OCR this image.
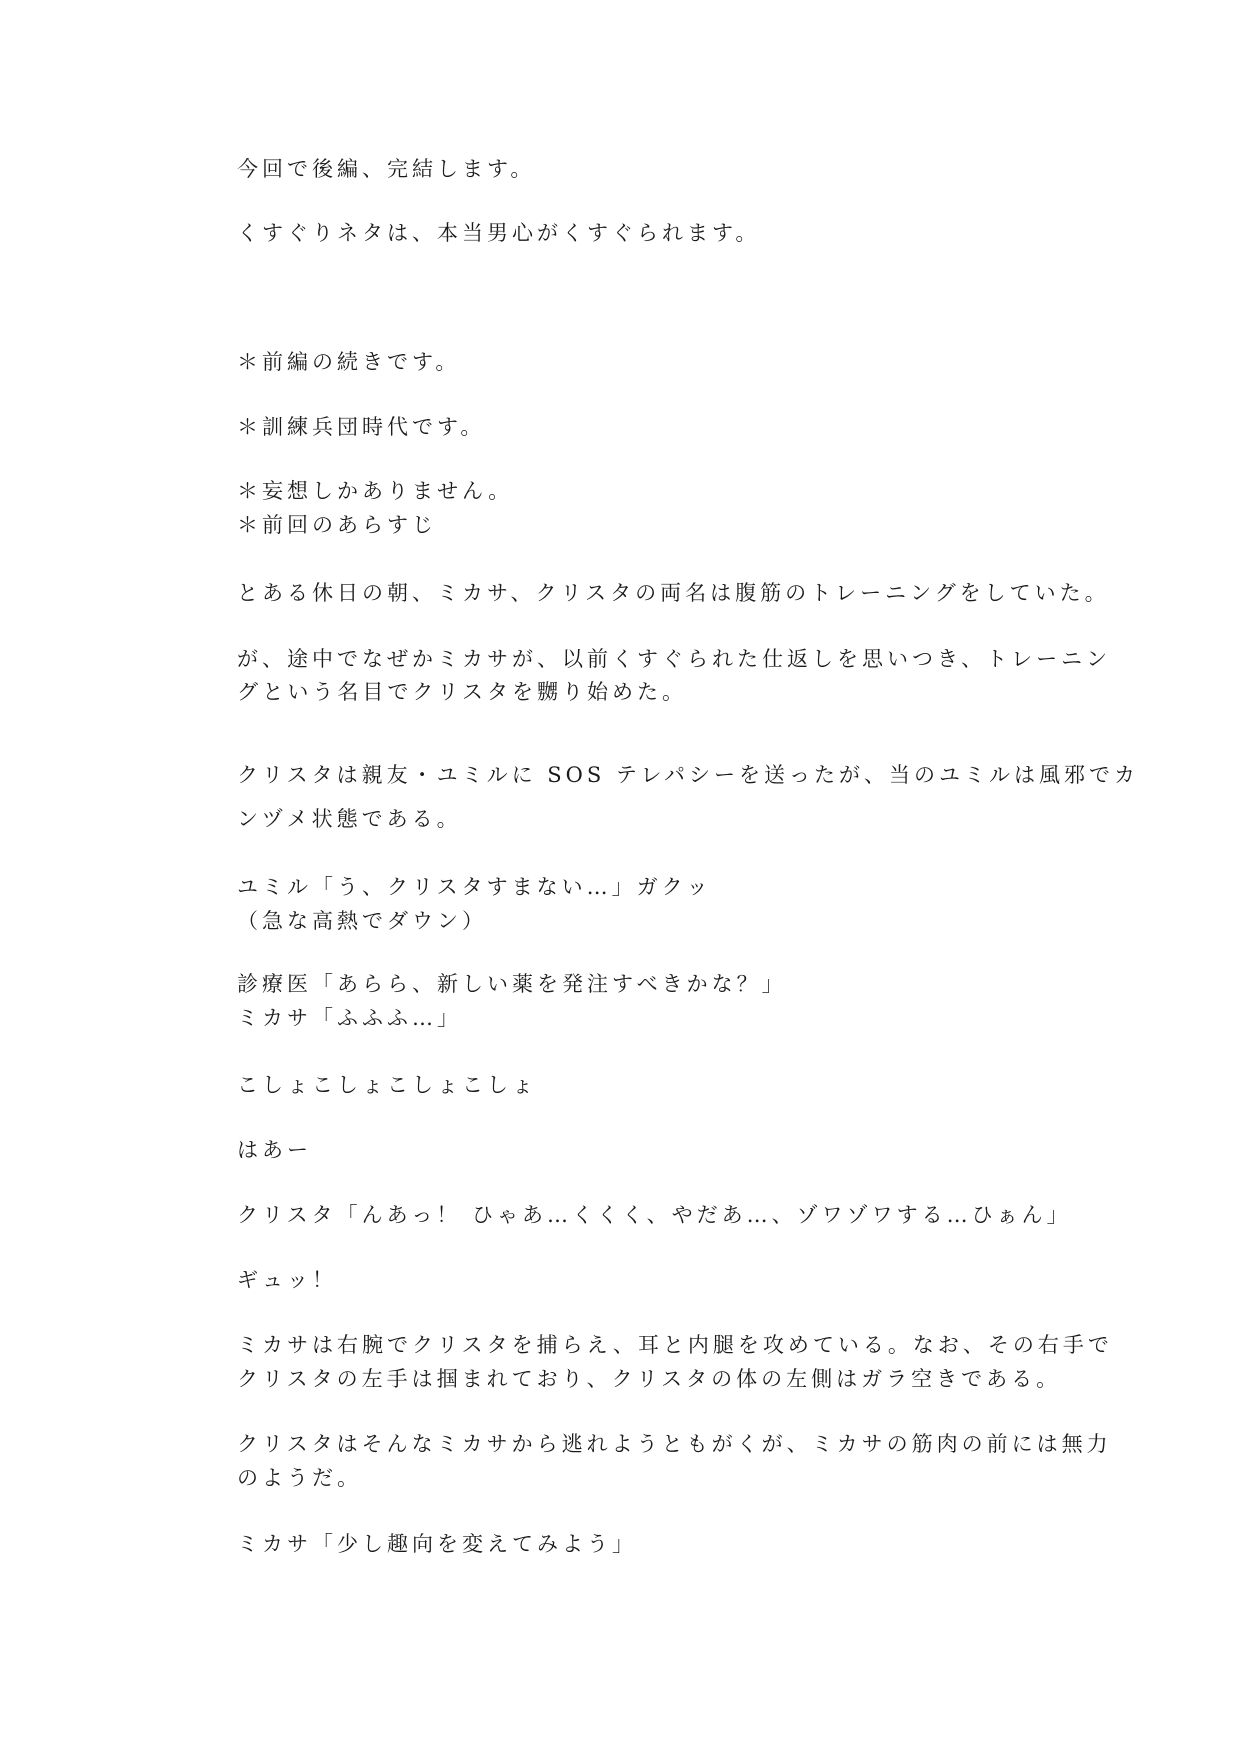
今回で後編、完結します。

くすぐりネタは、本当男心がくすぐられます。

＊前編の続きです。

＊訓練兵団時代です。

＊妄想しかありません。

＊前回のあらすじ

とある休日の朝、ミカサ、クリスタの両名は腹筋のトレーニングをしていた。

が、途中でなぜかミカサが、以前くすぐられた仕返しを思いつき、トレーニン

グという名目でクリスタを嬲り始めた。

クリスタは親友・ユミルに SOS テレパシーを送ったが、当のユミルは風邪でカ

ンヅメ状態である。

ユミル「う、クリスタすまない…」ガクッ

（急な高熱でダウン）

診療医「あらら、新しい薬を発注すべきかな？」

ミカサ「ふふふ…」

こしょこしょこしょこしょ

はあー

クリスタ「んあっ！ ひゃあ…くくく、やだあ…、ゾワゾワする…ひぁん」

ギュッ！

ミカサは右腕でクリスタを捕らえ、耳と内腿を攻めている。なお、その右手で

クリスタの左手は掴まれており、クリスタの体の左側はガラ空きである。

クリスタはそんなミカサから逃れようともがくが、ミカサの筋肉の前には無力

のようだ。

ミカサ「少し趣向を変えてみよう」
